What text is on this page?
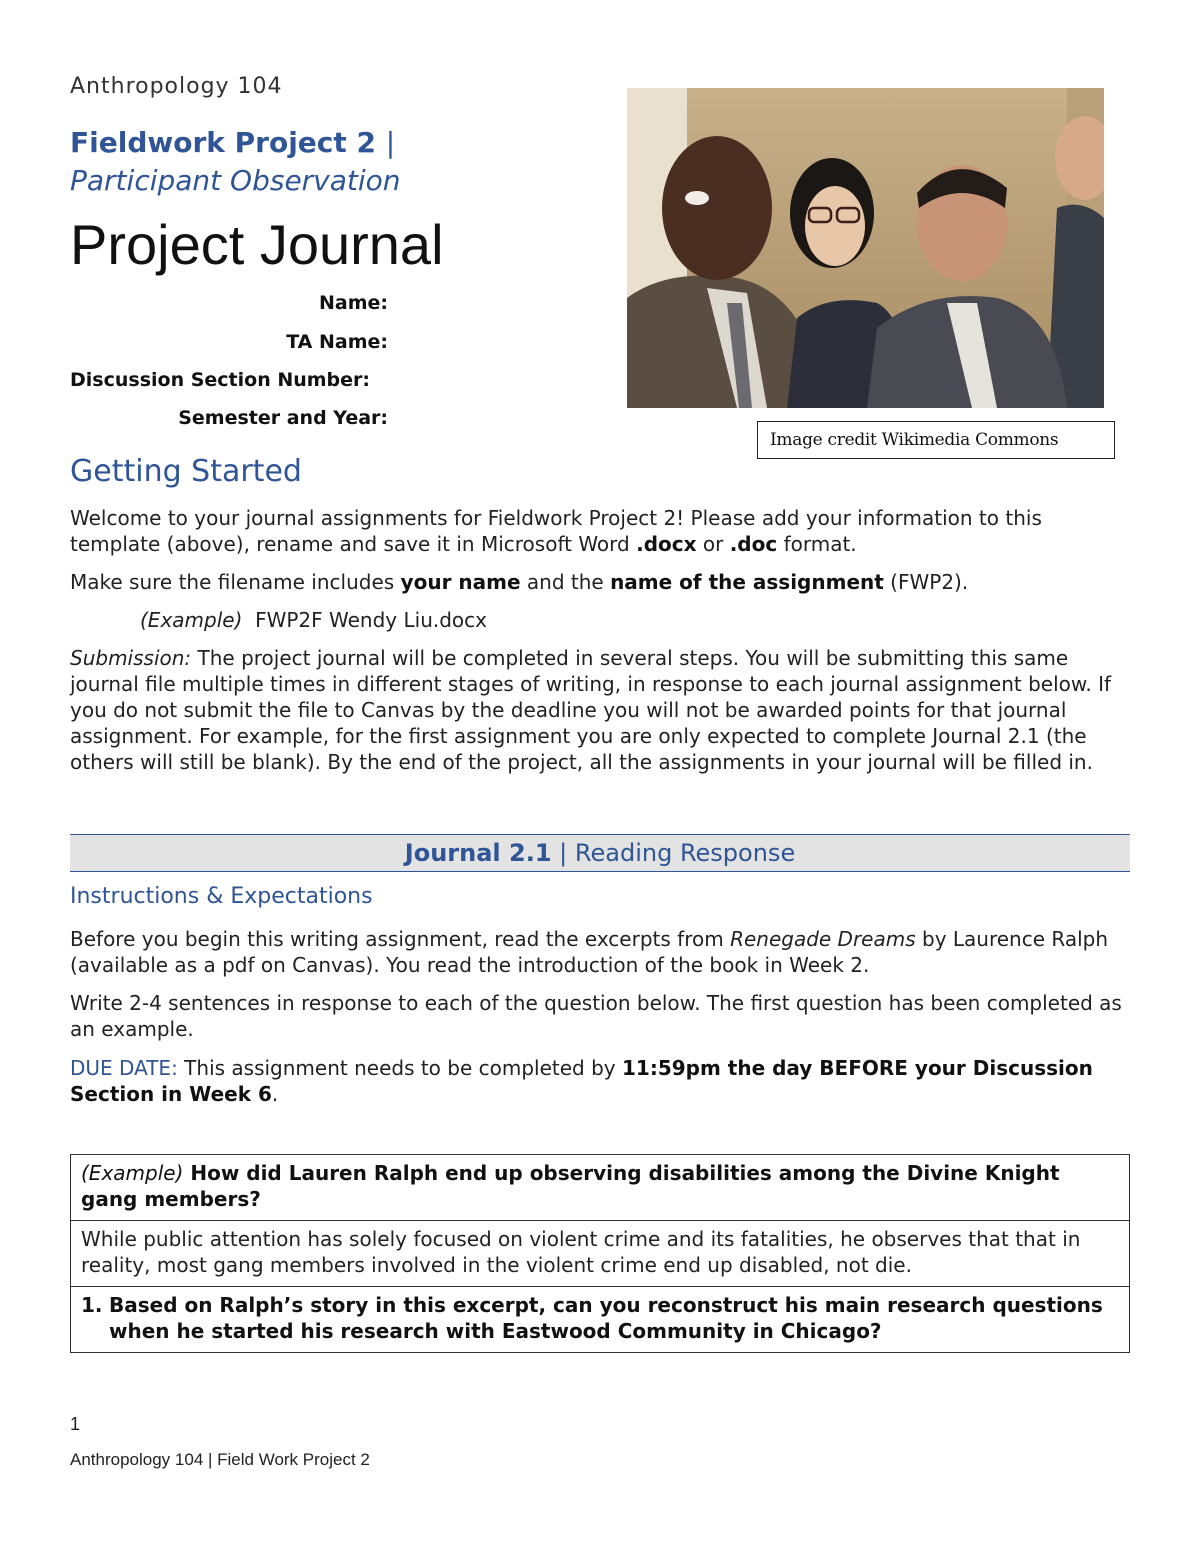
Anthropology 104
Fieldwork Project 2 |
Participant Observation
Project Journal
Name:
TA Name:
Discussion Section Number:
Semester and Year:
Image credit Wikimedia Commons
Getting Started
Welcome to your journal assignments for Fieldwork Project 2! Please add your information to this template (above), rename and save it in Microsoft Word .docx or .doc format.
Make sure the filename includes your name and the name of the assignment (FWP2).
(Example) FWP2F Wendy Liu.docx
Submission: The project journal will be completed in several steps. You will be submitting this same journal file multiple times in different stages of writing, in response to each journal assignment below. If you do not submit the file to Canvas by the deadline you will not be awarded points for that journal assignment. For example, for the first assignment you are only expected to complete Journal 2.1 (the others will still be blank). By the end of the project, all the assignments in your journal will be filled in.
Journal 2.1 | Reading Response
Instructions & Expectations
Before you begin this writing assignment, read the excerpts from Renegade Dreams by Laurence Ralph (available as a pdf on Canvas). You read the introduction of the book in Week 2.
Write 2-4 sentences in response to each of the question below. The first question has been completed as an example.
DUE DATE: This assignment needs to be completed by 11:59pm the day BEFORE your Discussion Section in Week 6.
(Example) How did Lauren Ralph end up observing disabilities among the Divine Knight gang members?
While public attention has solely focused on violent crime and its fatalities, he observes that that in reality, most gang members involved in the violent crime end up disabled, not die.

1. Based on Ralph’s story in this excerpt, can you reconstruct his main research questions when he started his research with Eastwood Community in Chicago?
1
Anthropology 104 | Field Work Project 2
